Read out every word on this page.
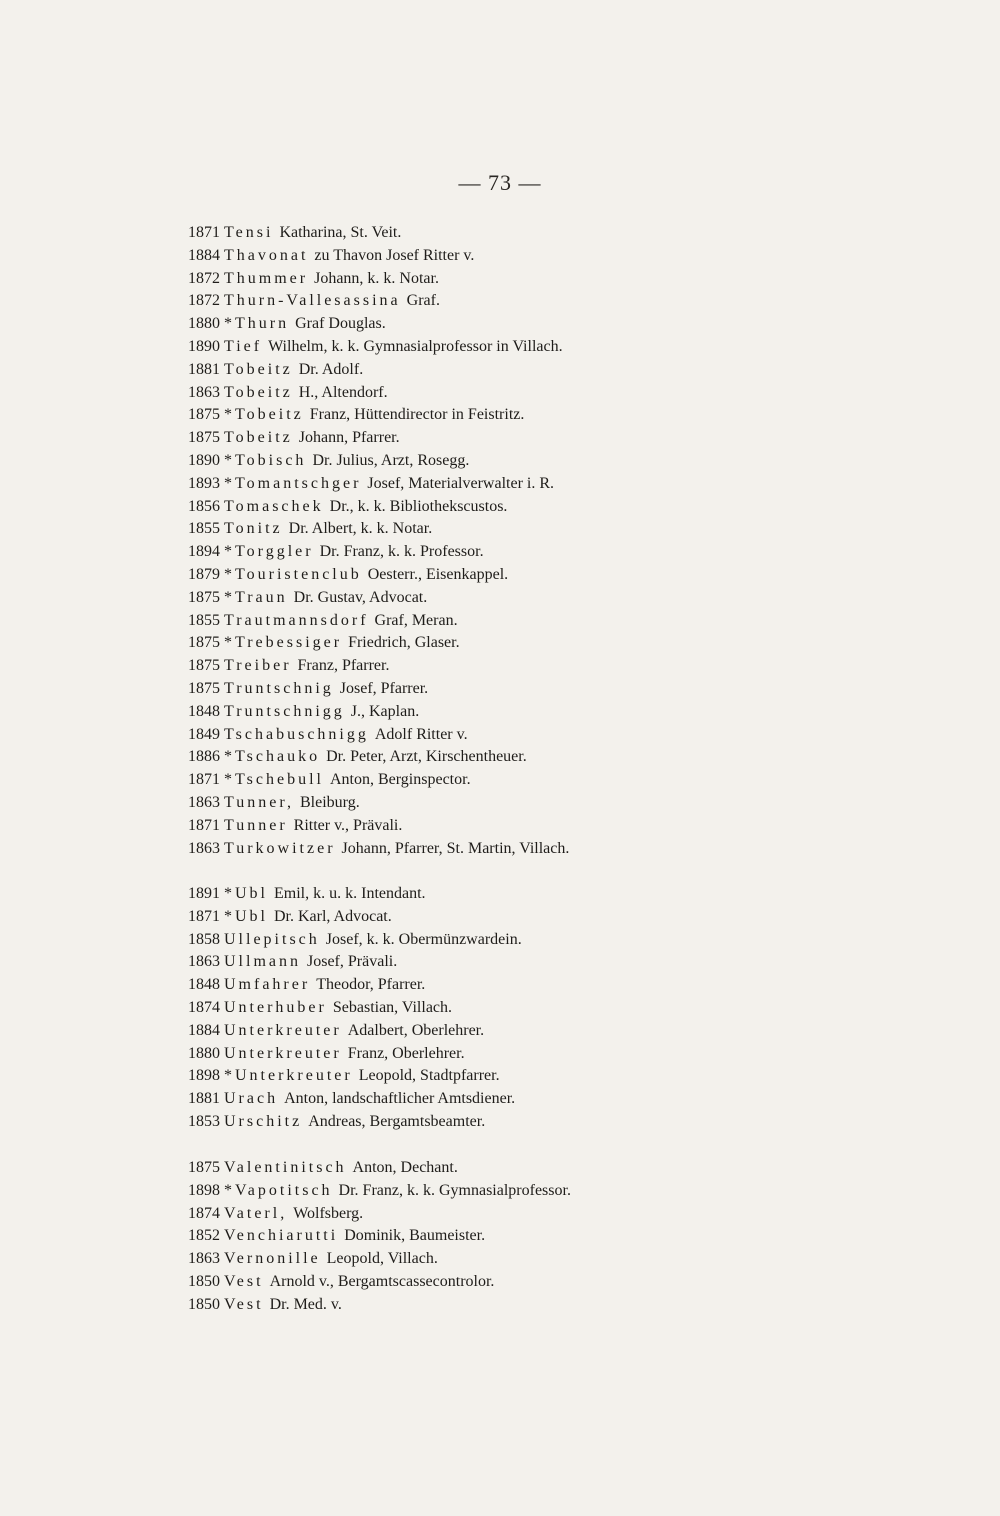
— 73 —
1871 Tensi Katharina, St. Veit.
1884 Thavonat zu Thavon Josef Ritter v.
1872 Thummer Johann, k. k. Notar.
1872 Thurn-Vallesassina Graf.
1880 *Thurn Graf Douglas.
1890 Tief Wilhelm, k. k. Gymnasialprofessor in Villach.
1881 Tobeitz Dr. Adolf.
1863 Tobeitz H., Altendorf.
1875 *Tobeitz Franz, Hüttendirector in Feistritz.
1875 Tobeitz Johann, Pfarrer.
1890 *Tobisch Dr. Julius, Arzt, Rosegg.
1893 *Tomantschger Josef, Materialverwalter i. R.
1856 Tomaschek Dr., k. k. Bibliothekscustos.
1855 Tonitz Dr. Albert, k. k. Notar.
1894 *Torggler Dr. Franz, k. k. Professor.
1879 *Touristenclub Oesterr., Eisenkappel.
1875 *Traun Dr. Gustav, Advocat.
1855 Trautmannsdorf Graf, Meran.
1875 *Trebessiger Friedrich, Glaser.
1875 Treiber Franz, Pfarrer.
1875 Truntschnig Josef, Pfarrer.
1848 Truntschnigg J., Kaplan.
1849 Tschabuschnigg Adolf Ritter v.
1886 *Tschauko Dr. Peter, Arzt, Kirschentheuer.
1871 *Tschebull Anton, Berginspector.
1863 Tunner, Bleiburg.
1871 Tunner Ritter v., Prävali.
1863 Turkowitzer Johann, Pfarrer, St. Martin, Villach.
1891 *Ubl Emil, k. u. k. Intendant.
1871 *Ubl Dr. Karl, Advocat.
1858 Ullepitsch Josef, k. k. Obermünzwardein.
1863 Ullmann Josef, Prävali.
1848 Umfahrer Theodor, Pfarrer.
1874 Unterhuber Sebastian, Villach.
1884 Unterkreuter Adalbert, Oberlehrer.
1880 Unterkreuter Franz, Oberlehrer.
1898 *Unterkreuter Leopold, Stadtpfarrer.
1881 Urach Anton, landschaftlicher Amtsdiener.
1853 Urschitz Andreas, Bergamtsbeamter.
1875 Valentinitsch Anton, Dechant.
1898 *Vapotitsch Dr. Franz, k. k. Gymnasialprofessor.
1874 Vaterl, Wolfsberg.
1852 Venchiarutti Dominik, Baumeister.
1863 Vernonille Leopold, Villach.
1850 Vest Arnold v., Bergamtscassecontrolor.
1850 Vest Dr. Med. v.
